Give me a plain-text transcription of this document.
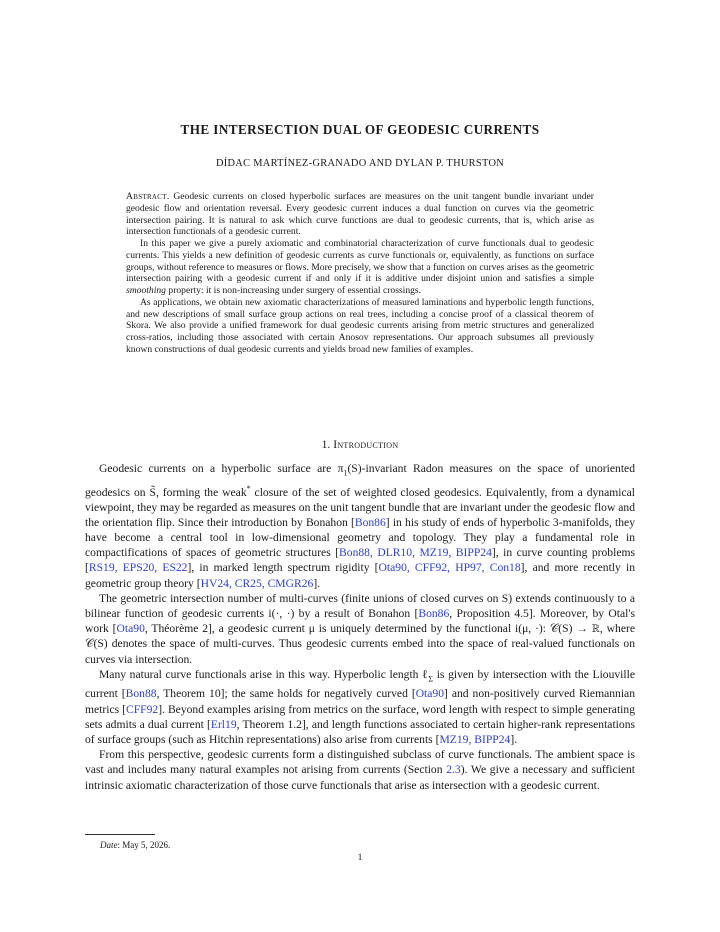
THE INTERSECTION DUAL OF GEODESIC CURRENTS
DÍDAC MARTÍNEZ-GRANADO AND DYLAN P. THURSTON

Abstract. Geodesic currents on closed hyperbolic surfaces are measures on the unit tangent bundle invariant under geodesic flow and orientation reversal. Every geodesic current induces a dual function on curves via the geometric intersection pairing. It is natural to ask which curve functions are dual to geodesic currents, that is, which arise as intersection functionals of a geodesic current.

In this paper we give a purely axiomatic and combinatorial characterization of curve functionals dual to geodesic currents. This yields a new definition of geodesic currents as curve functionals or, equivalently, as functions on surface groups, without reference to measures or flows. More precisely, we show that a function on curves arises as the geometric intersection pairing with a geodesic current if and only if it is additive under disjoint union and satisfies a simple smoothing property: it is non-increasing under surgery of essential crossings.

As applications, we obtain new axiomatic characterizations of measured laminations and hyperbolic length functions, and new descriptions of small surface group actions on real trees, including a concise proof of a classical theorem of Skora. We also provide a unified framework for dual geodesic currents arising from metric structures and generalized cross-ratios, including those associated with certain Anosov representations. Our approach subsumes all previously known constructions of dual geodesic currents and yields broad new families of examples.

1. Introduction

Geodesic currents on a hyperbolic surface are $\pi_1(S)$-invariant Radon measures on the space of unoriented geodesics on S̃, forming the weak* closure of the set of weighted closed geodesics. Equivalently, from a dynamical viewpoint, they may be regarded as measures on the unit tangent bundle that are invariant under the geodesic flow and the orientation flip. Since their introduction by Bonahon [Bon86] in his study of ends of hyperbolic 3-manifolds, they have become a central tool in low-dimensional geometry and topology. They play a fundamental role in compactifications of spaces of geometric structures [Bon88, DLR10, MZ19, BIPP24], in curve counting problems [RS19, EPS20, ES22], in marked length spectrum rigidity [Ota90, CFF92, HP97, Con18], and more recently in geometric group theory [HV24, CR25, CMGR26].

The geometric intersection number of multi-curves (finite unions of closed curves on S) extends continuously to a bilinear function of geodesic currents i(·, ·) by a result of Bonahon [Bon86, Proposition 4.5]. Moreover, by Otal's work [Ota90, Théorème 2], a geodesic current μ is uniquely determined by the functional i(μ, ·): 𝒞(S) → ℝ, where 𝒞(S) denotes the space of multi-curves. Thus geodesic currents embed into the space of real-valued functionals on curves via intersection.

Many natural curve functionals arise in this way. Hyperbolic length ℓ$_\Sigma$ is given by intersection with the Liouville current [Bon88, Theorem 10]; the same holds for negatively curved [Ota90] and non-positively curved Riemannian metrics [CFF92]. Beyond examples arising from metrics on the surface, word length with respect to simple generating sets admits a dual current [Erl19, Theorem 1.2], and length functions associated to certain higher-rank representations of surface groups (such as Hitchin representations) also arise from currents [MZ19, BIPP24].

From this perspective, geodesic currents form a distinguished subclass of curve functionals. The ambient space is vast and includes many natural examples not arising from currents (Section 2.3). We give a necessary and sufficient intrinsic axiomatic characterization of those curve functionals that arise as intersection with a geodesic current.

Date: May 5, 2026.
1
